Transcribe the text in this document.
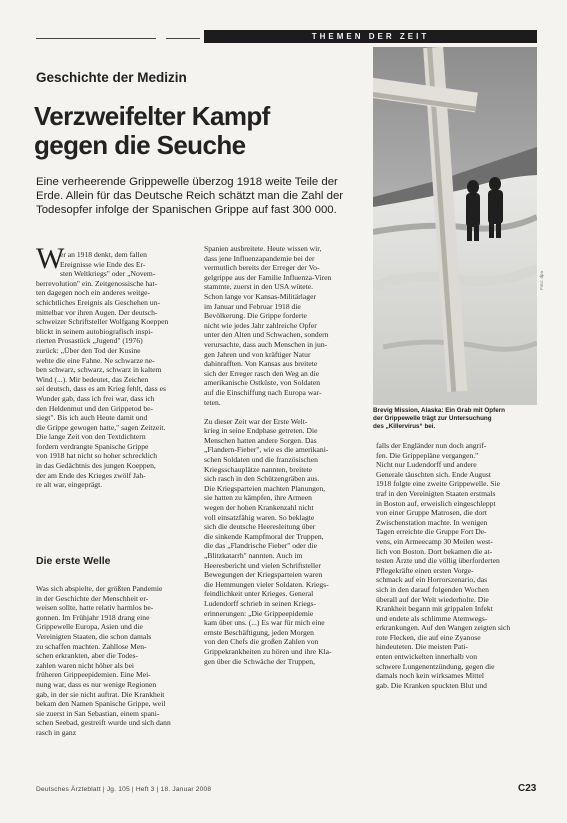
THEMEN DER ZEIT
Geschichte der Medizin
Verzweifelter Kampf
gegen die Seuche
Eine verheerende Grippewelle überzog 1918 weite Teile der
Erde. Allein für das Deutsche Reich schätzt man die Zahl der
Todesopfer infolge der Spanischen Grippe auf fast 300 000.
Foto: dpa
Brevig Mission, Alaska: Ein Grab mit Opfern
der Grippewelle trägt zur Untersuchung
des „Killervirus“ bei.
W
er an 1918 denkt, dem fallen
Ereignisse wie Ende des Er-
sten Weltkriegs" oder „Novem-
berrevolution" ein. Zeitgenossische hat-
ten dagegen noch ein anderes weitge-
schichtliches Ereignis als Geschehen un-
mittelbar vor ihren Augen. Der deutsch-
schweizer Schriftsteller Wolfgang Koeppen
blickt in seinem autobiografisch inspi-
rierten Prosastück „Jugend" (1976)
zurück: „Über den Tod der Kusine
wehte die eine Fahne. Ne schwarze ne-
ben schwarz, schwarz, schwarz in kaltem
Wind (...). Mir bedeutet, das Zeichen
sei deutsch, dass es am Krieg fehlt, dass es
Wunder gab, dass ich frei war, dass ich
den Heldenmut und den Grippetod be-
siegt". Bis ich auch Heute damit und
die Grippe gewogen hatte," sagen Zeitzeit.
Die lange Zeit von den Textdichtern
fordern verdrangte Spanische Grippe
von 1918 hat nicht so hoher schrecklich
in das Gedächtnis des jungen Koeppen,
der am Ende des Krieges zwölf Jah-
re alt war, eingeprägt.
Die erste Welle
Was sich abspielte, der größten Pandemie
in der Geschichte der Menschheit er-
weisen sollte, hatte relativ harmlos be-
gonnen. Im Frühjahr 1918 drang eine
Grippewelle Europa, Asien und die
Vereinigten Staaten, die schon damals
zu schaffen machten. Zahllose Men-
schen erkrankten, aber die Todes-
zahlen waren nicht höher als bei
früheren Grippeepidemien. Eine Mei-
nung war, dass es nur wenige Regionen
gab, in der sie nicht auftrat. Die Krankheit
bekam den Namen Spanische Grippe, weil
sie zuerst in San Sebastian, einem spani-
schen Seebad, gestreift wurde und sich dann
rasch in ganz
Spanien ausbreitete. Heute wissen wir,
dass jene Influenzapandemie bei der
vermutlich bereits der Erreger der Vo-
gelgrippe aus der Familie Influenza-Viren
stammte, zuerst in den USA wütete.
Schon lange vor Kansas-Militärlager
im Januar und Februar 1918 die
Bevölkerung. Die Grippe forderte
nicht wie jedes Jahr zahlreiche Opfer
unter den Alten und Schwachen, sondern
verursachte, dass auch Menschen in jun-
gen Jahren und von kräftiger Natur
dahinrafften. Von Kansas aus breitete
sich der Erreger rasch den Weg an die
amerikanische Ostküste, von Soldaten
auf die Einschiffung nach Europa war-
teten.
Zu dieser Zeit war der Erste Welt-
krieg in seine Endphase getreten. Die
Menschen hatten andere Sorgen. Das
„Flandern-Fieber", wie es die amerikani-
schen Soldaten und die französischen
Kriegsschauplätze nannten, breitete
sich rasch in den Schützengräben aus.
Die Kriegsparteien machten Planungen,
sie hatten zu kämpfen, ihre Armeen
wegen der hohen Krankenzahl nicht
voll einsatzfähig waren. So beklagte
sich die deutsche Heeresleitung über
die sinkende Kampfmoral der Truppen,
die das „Flandrische Fieber" oder die
„Blitzkatarrh" nannten. Auch im
Heeresbericht und vielen Schriftsteller
Bewegungen der Kriegsparteien waren
die Hemmungen vieler Soldaten. Kriegs-
feindlichkeit unter Krieges. General
Ludendorff schrieb in seinen Kriegs-
erinnerungen: „Die Grippeepidemie
kam über uns. (...) Es war für mich eine
ernste Beschäftigung, jeden Morgen
von den Chefs die großen Zahlen von
Grippekrankheiten zu hören und ihre Kla-
gen über die Schwäche der Truppen,
falls der Engländer nun doch angrif-
fen. Die Grippepläne vergangen."
Nicht nur Ludendorff und andere
Generale täuschten sich. Ende August
1918 folgte eine zweite Grippewelle. Sie
traf in den Vereinigten Staaten erstmals
in Boston auf, erweislich eingeschleppt
von einer Gruppe Matrosen, die dort
Zwischenstation machte. In wenigen
Tagen erreichte die Gruppe Fort De-
vens, ein Armeecamp 30 Meilen west-
lich von Boston. Dort bekamen die at-
testen Ärzte und die völlig überforderten
Pflegekräfte einen ersten Vorge-
schmack auf ein Horrorszenario, das
sich in den darauf folgenden Wochen
überall auf der Welt wiederholte. Die
Krankheit begann mit grippalen Infekt
und endete als schlimme Atemwegs-
erkrankungen. Auf den Wangen zeigten sich
rote Flecken, die auf eine Zyanose
hindeuteten. Die meisten Pati-
enten entwickelten innerhalb von
schwere Lungenentzündung, gegen die
damals noch kein wirksames Mittel
gab. Die Kranken spuckten Blut und
Deutsches Ärzteblatt | Jg. 105 | Heft 3 | 18. Januar 2008	C23
